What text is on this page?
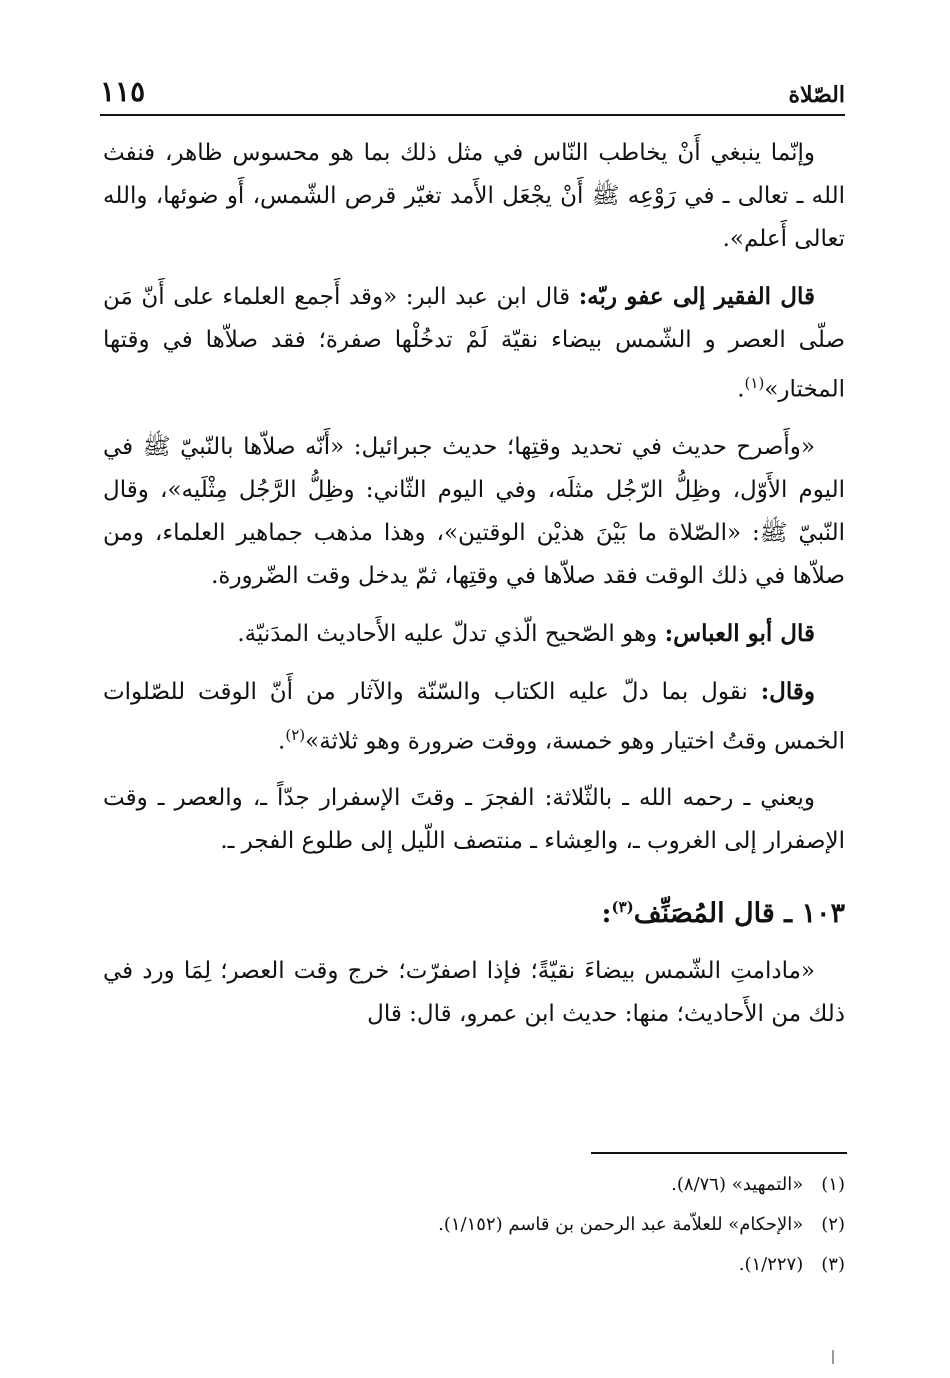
الصّلاة
١١٥

وإنّما ينبغي أَنْ يخاطب النّاس في مثل ذلك بما هو محسوس ظاهر، فنفث الله ـ تعالى ـ في رَوْعِه ﷺ أَنْ يجْعَل الأَمد تغيّر قرص الشّمس، أَو ضوئها، والله تعالى أَعلم».

قال الفقير إلى عفو ربّه: قال ابن عبد البر: «وقد أَجمع العلماء على أَنّ مَن صلّى العصر و الشّمس بيضاء نقيّة لَمْ تدخُلْها صفرة؛ فقد صلاّها في وقتها المختار»$^{(١)}$.

«وأَصرح حديث في تحديد وقتِها؛ حديث جبرائيل: «أَنّه صلاّها بالنّبيّ ﷺ في اليوم الأَوّل، وظِلُّ الرّجُل مثلَه، وفي اليوم الثّاني: وظِلُّ الرَّجُل مِثْلَيه»، وقال النّبيّ ﷺ: «الصّلاة ما بَيْنَ هذيْن الوقتين»، وهذا مذهب جماهير العلماء، ومن صلاّها في ذلك الوقت فقد صلاّها في وقتِها، ثمّ يدخل وقت الضّرورة.

قال أبو العباس: وهو الصّحيح الّذي تدلّ عليه الأَحاديث المدَنيّة.

وقال: نقول بما دلّ عليه الكتاب والسّنّة والآثار من أَنّ الوقت للصّلوات الخمس وقتُ اختيار وهو خمسة، ووقت ضرورة وهو ثلاثة»$^{(٢)}$.

ويعني ـ رحمه الله ـ بالثّلاثة: الفجرَ ـ وقتَ الإسفرار جدّاً ـ، والعصر ـ وقت الإصفرار إلى الغروب ـ، والعِشاء ـ منتصف اللّيل إلى طلوع الفجر ـ.

١٠٣ ـ قال المُصَنِّف$^{(٣)}$:

«مادامتِ الشّمس بيضاءَ نقيّةً؛ فإذا اصفرّت؛ خرج وقت العصر؛ لِمَا ورد في ذلك من الأَحاديث؛ منها: حديث ابن عمرو، قال: قال

(١) «التمهيد» (٨/٧٦).
(٢) «الإحكام» للعلاّمة عبد الرحمن بن قاسم (١/١٥٢).
(٣) (١/٢٢٧).
